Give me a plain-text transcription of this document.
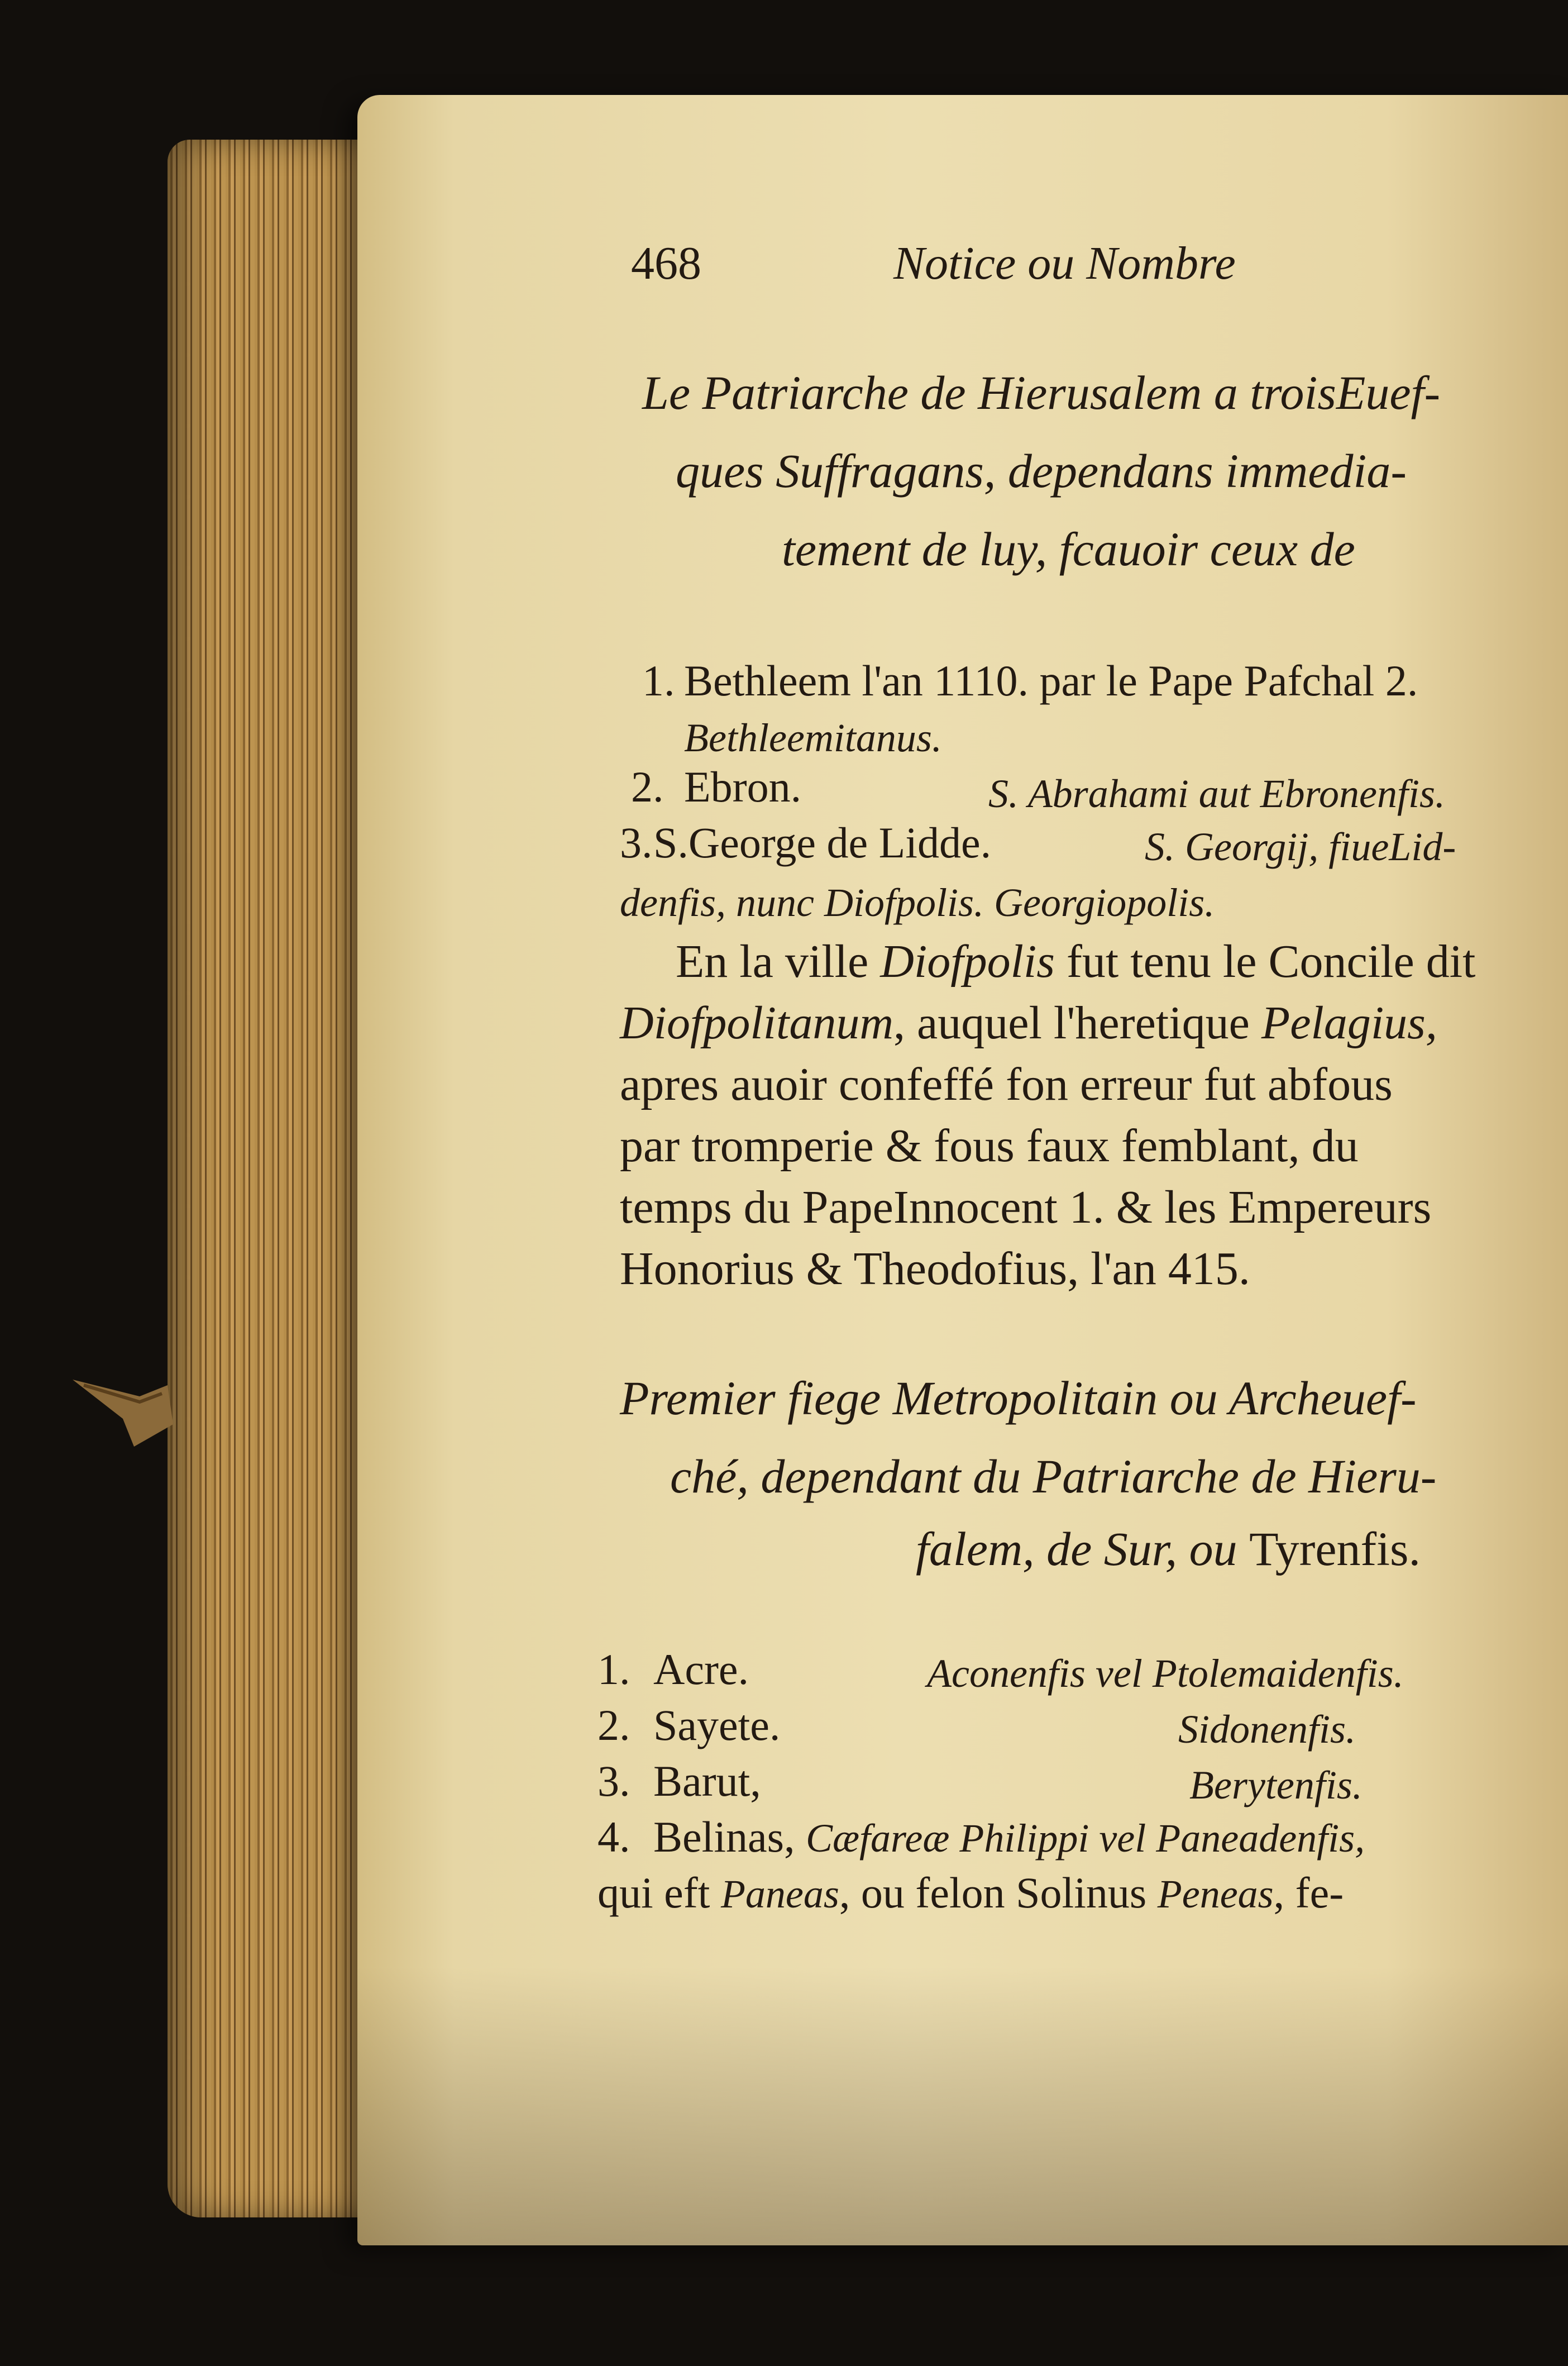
468	Notice ou Nombre
Le Patriarche de Hierusalem a troisEuef-
ques Suffragans, dependans immedia-
tement de luy, fcauoir ceux de
1. Bethleem l'an 1110. par le Pape Pafchal 2.
Bethleemitanus.
2. Ebron.	S. Abrahami aut Ebronenfis.
3. S.George de Lidde.	S. Georgij, fiueLid-
denfis, nunc Diofpolis. Georgiopolis.
En la ville Diofpolis fut tenu le Concile dit
Diofpolitanum, auquel l'heretique Pelagius,
apres auoir confeffé fon erreur fut abfous
par tromperie & fous faux femblant, du
temps du PapeInnocent 1. & les Empereurs
Honorius & Theodofius, l'an 415.
Premier fiege Metropolitain ou Archeuef-
ché, dependant du Patriarche de Hieru-
falem, de Sur, ou Tyrenfis.
1. Acre.	Aconenfis vel Ptolemaidenfis.
2. Sayete.	Sidonenfis.
3. Barut,	Berytenfis.
4. Belinas, Cæfareæ Philippi vel Paneadenfis,
qui eft Paneas, ou felon Solinus Peneas, fe-
